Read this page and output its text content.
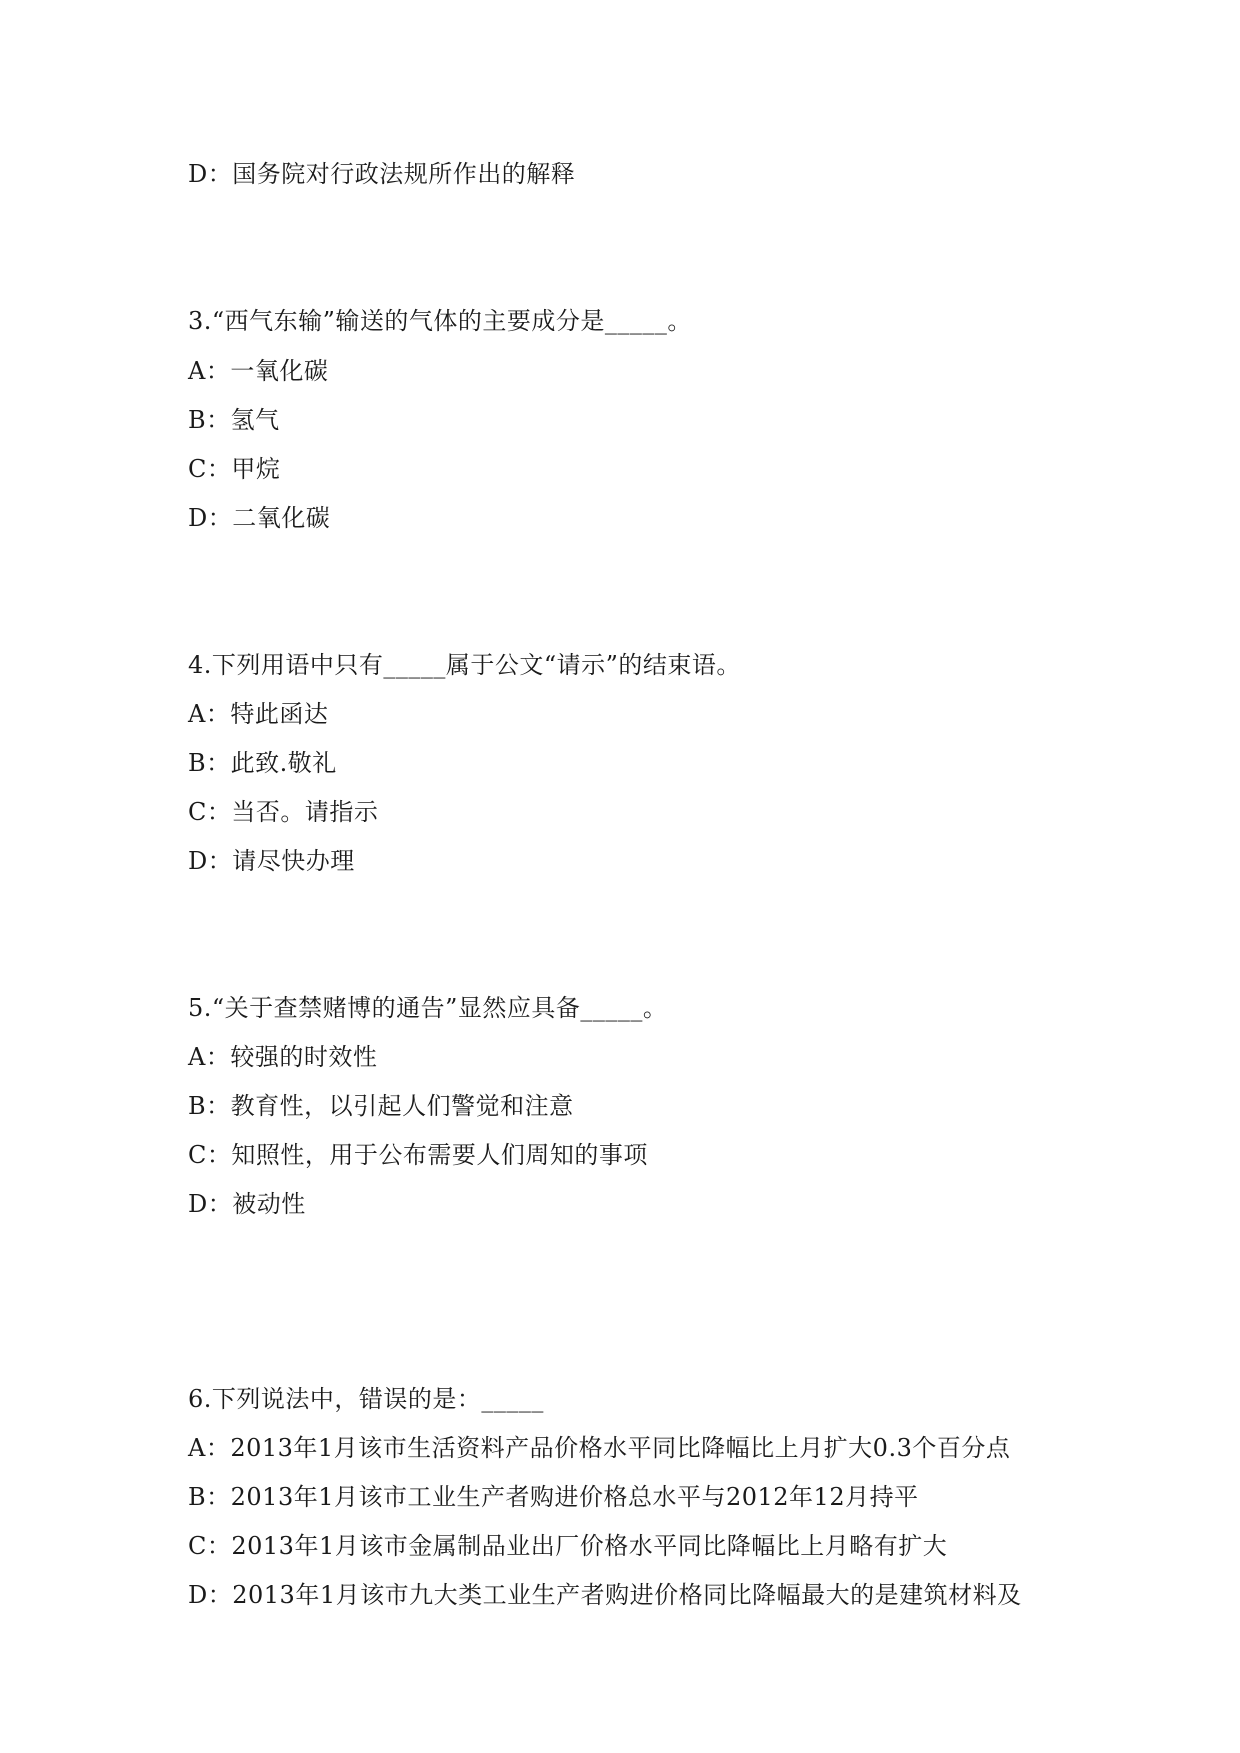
D：国务院对行政法规所作出的解释
3.“西气东输”输送的气体的主要成分是_____。
A：一氧化碳
B：氢气
C：甲烷
D：二氧化碳
4.下列用语中只有_____属于公文“请示”的结束语。
A：特此函达
B：此致.敬礼
C：当否。请指示
D：请尽快办理
5.“关于查禁赌博的通告”显然应具备_____。
A：较强的时效性
B：教育性，以引起人们警觉和注意
C：知照性，用于公布需要人们周知的事项
D：被动性
6.下列说法中，错误的是：_____
A：2013年1月该市生活资料产品价格水平同比降幅比上月扩大0.3个百分点
B：2013年1月该市工业生产者购进价格总水平与2012年12月持平
C：2013年1月该市金属制品业出厂价格水平同比降幅比上月略有扩大
D：2013年1月该市九大类工业生产者购进价格同比降幅最大的是建筑材料及
